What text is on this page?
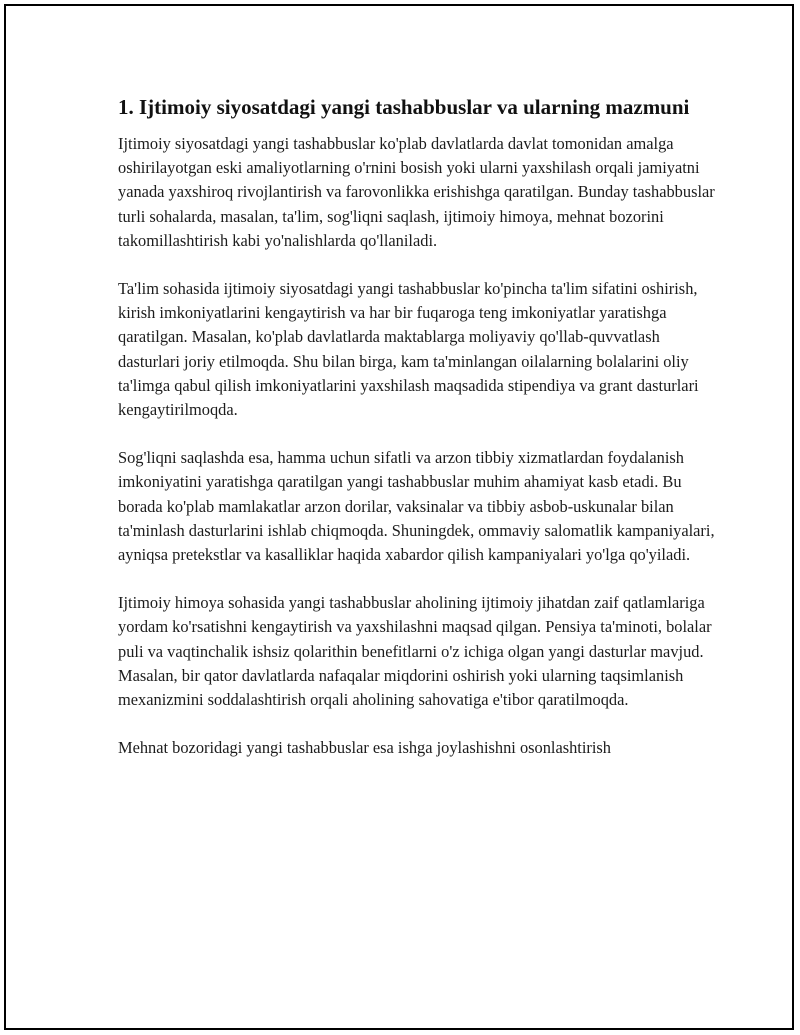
1. Ijtimoiy siyosatdagi yangi tashabbuslar va ularning mazmuni

Ijtimoiy siyosatdagi yangi tashabbuslar ko'plab davlatlarda davlat tomonidan amalga oshirilayotgan eski amaliyotlarning o'rnini bosish yoki ularni yaxshilash orqali jamiyatni yanada yaxshiroq rivojlantirish va farovonlikka erishishga qaratilgan. Bunday tashabbuslar turli sohalarda, masalan, ta'lim, sog'liqni saqlash, ijtimoiy himoya, mehnat bozorini takomillashtirish kabi yo'nalishlarda qo'llaniladi.

Ta'lim sohasida ijtimoiy siyosatdagi yangi tashabbuslar ko'pincha ta'lim sifatini oshirish, kirish imkoniyatlarini kengaytirish va har bir fuqaroga teng imkoniyatlar yaratishga qaratilgan. Masalan, ko'plab davlatlarda maktablarga moliyaviy qo'llab-quvvatlash dasturlari joriy etilmoqda. Shu bilan birga, kam ta'minlangan oilalarning bolalarini oliy ta'limga qabul qilish imkoniyatlarini yaxshilash maqsadida stipendiya va grant dasturlari kengaytirilmoqda.

Sog'liqni saqlashda esa, hamma uchun sifatli va arzon tibbiy xizmatlardan foydalanish imkoniyatini yaratishga qaratilgan yangi tashabbuslar muhim ahamiyat kasb etadi. Bu borada ko'plab mamlakatlar arzon dorilar, vaksinalar va tibbiy asbob-uskunalar bilan ta'minlash dasturlarini ishlab chiqmoqda. Shuningdek, ommaviy salomatlik kampaniyalari, ayniqsa pretekstlar va kasalliklar haqida xabardor qilish kampaniyalari yo'lga qo'yiladi.

Ijtimoiy himoya sohasida yangi tashabbuslar aholining ijtimoiy jihatdan zaif qatlamlariga yordam ko'rsatishni kengaytirish va yaxshilashni maqsad qilgan. Pensiya ta'minoti, bolalar puli va vaqtinchalik ishsiz qolarithin benefitlarni o'z ichiga olgan yangi dasturlar mavjud. Masalan, bir qator davlatlarda nafaqalar miqdorini oshirish yoki ularning taqsimlanish mexanizmini soddalashtirish orqali aholining sahovatiga e'tibor qaratilmoqda.

Mehnat bozoridagi yangi tashabbuslar esa ishga joylashishni osonlashtirish
